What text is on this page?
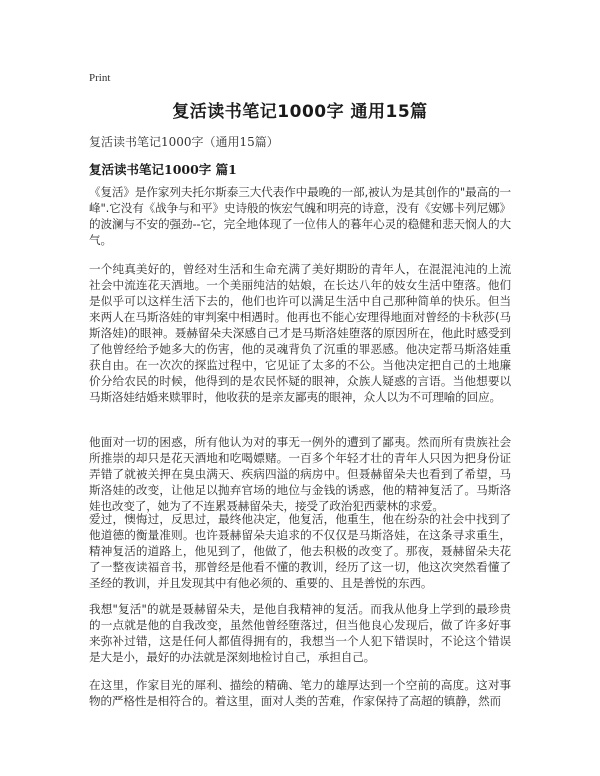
Print
复活读书笔记1000字 通用15篇
复活读书笔记1000字（通用15篇）
复活读书笔记1000字 篇1

《复活》是作家列夫托尔斯泰三大代表作中最晚的一部,被认为是其创作的"最高的一峰".它没有《战争与和平》史诗般的恢宏气魄和明亮的诗意，没有《安娜卡列尼娜》的波澜与不安的强劲--它，完全地体现了一位伟人的暮年心灵的稳健和悲天悯人的大气。

一个纯真美好的，曾经对生活和生命充满了美好期盼的青年人，在混混沌沌的上流社会中流连花天酒地。一个美丽纯洁的姑娘，在长达八年的妓女生活中堕落。他们是似乎可以这样生活下去的，他们也许可以满足生活中自己那种简单的快乐。但当来两人在马斯洛娃的审判案中相遇时。他再也不能心安理得地面对曾经的卡秋莎(马斯洛娃)的眼神。聂赫留朵夫深感自己才是马斯洛娃堕落的原因所在，他此时感受到了他曾经给予她多大的伤害，他的灵魂背负了沉重的罪恶感。他决定帮马斯洛娃重获自由。在一次次的探监过程中，它见证了太多的不公。当他决定把自己的土地廉价分给农民的时候，他得到的是农民怀疑的眼神，众族人疑惑的言语。当他想要以马斯洛娃结婚来赎罪时，他收获的是亲友鄙夷的眼神，众人以为不可理喻的回应。

他面对一切的困惑，所有他认为对的事无一例外的遭到了鄙夷。然而所有贵族社会所推崇的却只是花天酒地和吃喝嫖赌。一百多个年轻才壮的青年人只因为把身份证弄错了就被关押在臭虫满天、疾病四溢的病房中。但聂赫留朵夫也看到了希望，马斯洛娃的改变，让他足以抛弃官场的地位与金钱的诱惑，他的精神复活了。马斯洛娃也改变了，她为了不连累聂赫留朵夫，接受了政治犯西蒙林的求爱。

爱过，懊悔过，反思过，最终他决定，他复活，他重生，他在纷杂的社会中找到了他道德的衡量准则。也许聂赫留朵夫追求的不仅仅是马斯洛娃，在这条寻求重生，精神复活的道路上，他见到了，他做了，他去积极的改变了。那夜，聂赫留朵夫花了一整夜读福音书，那曾经是他看不懂的教训，经历了这一切，他这次突然看懂了圣经的教训，并且发现其中有他必须的、重要的、且是善悦的东西。

我想"复活"的就是聂赫留朵夫，是他自我精神的复活。而我从他身上学到的最珍贵的一点就是他的自我改变，虽然他曾经堕落过，但当他良心发现后，做了许多好事来弥补过错，这是任何人都值得拥有的，我想当一个人犯下错误时，不论这个错误是大是小，最好的办法就是深刻地检讨自己，承担自己。

在这里，作家目光的犀利、描绘的精确、笔力的雄厚达到一个空前的高度。这对事物的严格性是相符合的。着这里，面对人类的苦难，作家保持了高超的镇静，然而
